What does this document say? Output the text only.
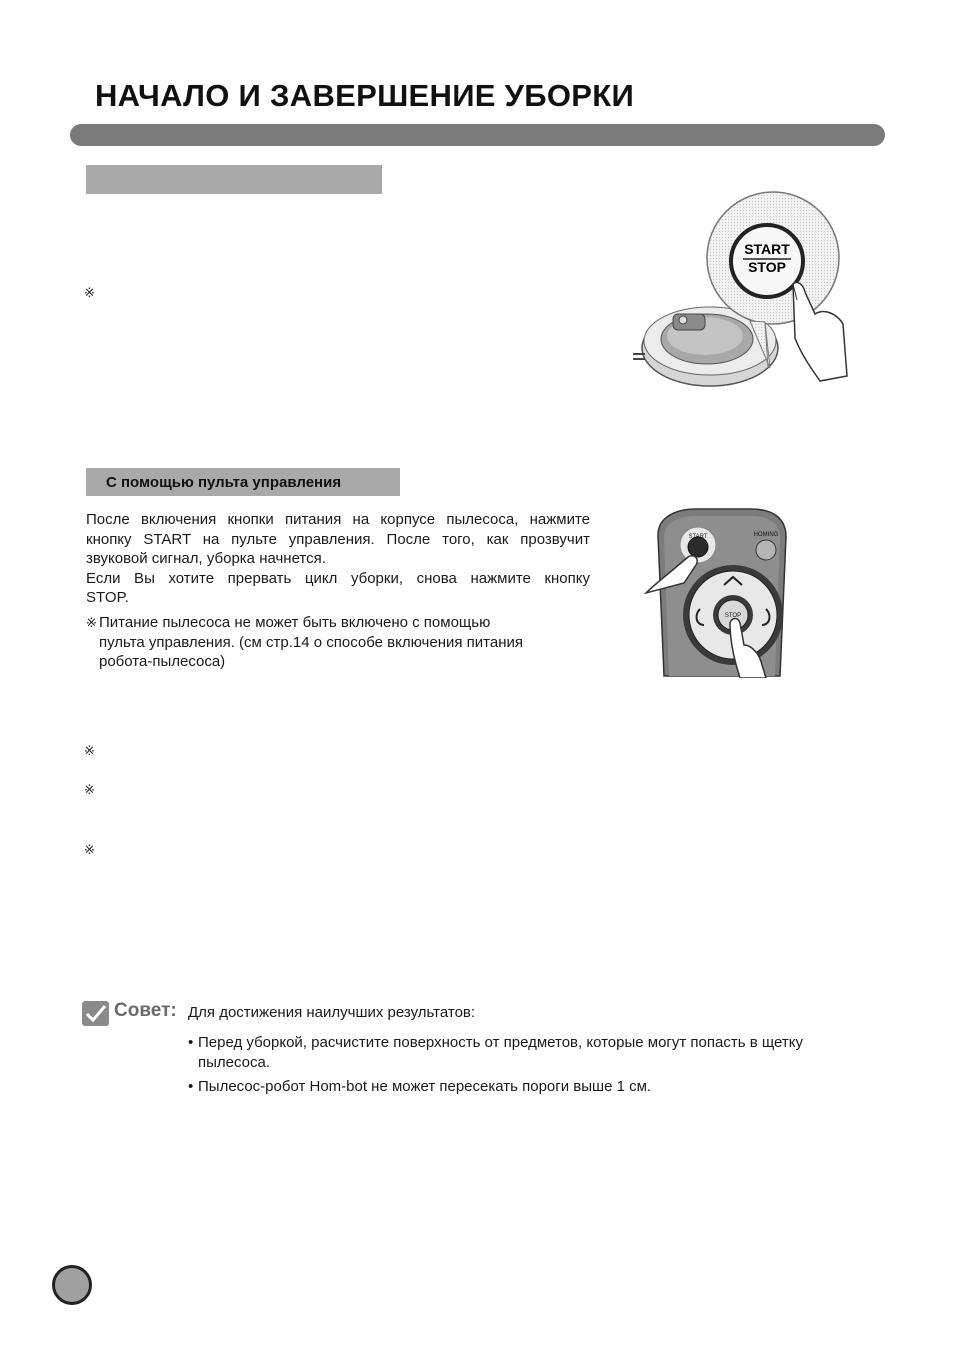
НАЧАЛО И ЗАВЕРШЕНИЕ УБОРКИ
※
START
STOP
С помощью пульта управления
После включения кнопки питания на корпусе пылесоса, нажмите
кнопку START на пульте управления. После того, как прозвучит
звуковой сигнал, уборка начнется.
Если Вы хотите прервать цикл уборки, снова нажмите кнопку
STOP.
※ Питание пылесоса не может быть включено с помощью
пульта управления. (см стр.14 о способе включения питания
робота-пылесоса)
START	HOMING
STOP
※
※
※
Совет: Для достижения наилучших результатов:
• Перед уборкой, расчистите поверхность от предметов, которые могут попасть в щетку пылесоса.
• Пылесос-робот Hom-bot не может пересекать пороги выше 1 см.
